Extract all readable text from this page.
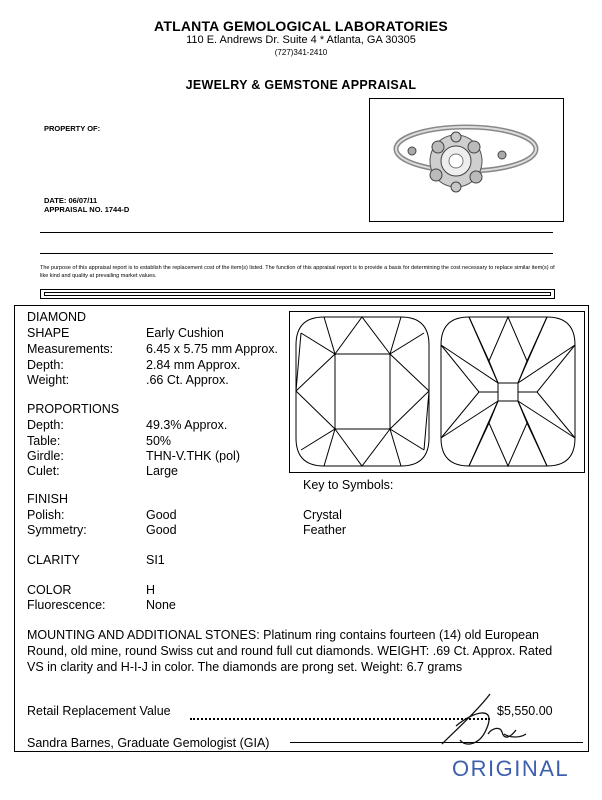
ATLANTA GEMOLOGICAL LABORATORIES
110 E. Andrews Dr. Suite 4 * Atlanta, GA 30305
(727)341-2410
JEWELRY & GEMSTONE APPRAISAL
PROPERTY OF:
DATE: 06/07/11
APPRAISAL NO. 1744-D
The purpose of this appraisal report is to establish the replacement cost of the item(s) listed. The function of this appraisal report is to provide a basis for determining the cost necessary to replace similar item(s) of like kind and quality at prevailing market values.
DIAMOND
SHAPE	Early Cushion
Measurements:	6.45 x 5.75 mm Approx.
Depth:	2.84 mm Approx.
Weight:	.66 Ct. Approx.
PROPORTIONS
Depth:	49.3% Approx.
Table:	50%
Girdle:	THN-V.THK (pol)
Culet:	Large
FINISH
Polish:	Good
Symmetry:	Good
CLARITY	SI1
COLOR	H
Fluorescence:	None
Key to Symbols:
Crystal
Feather
MOUNTING AND ADDITIONAL STONES: Platinum ring contains fourteen (14) old European Round, old mine, round Swiss cut and round full cut diamonds. WEIGHT: .69 Ct. Approx. Rated VS in clarity and H-I-J in color. The diamonds are prong set. Weight: 6.7 grams
Retail Replacement Value	$5,550.00
Sandra Barnes, Graduate Gemologist (GIA)
ORIGINAL
